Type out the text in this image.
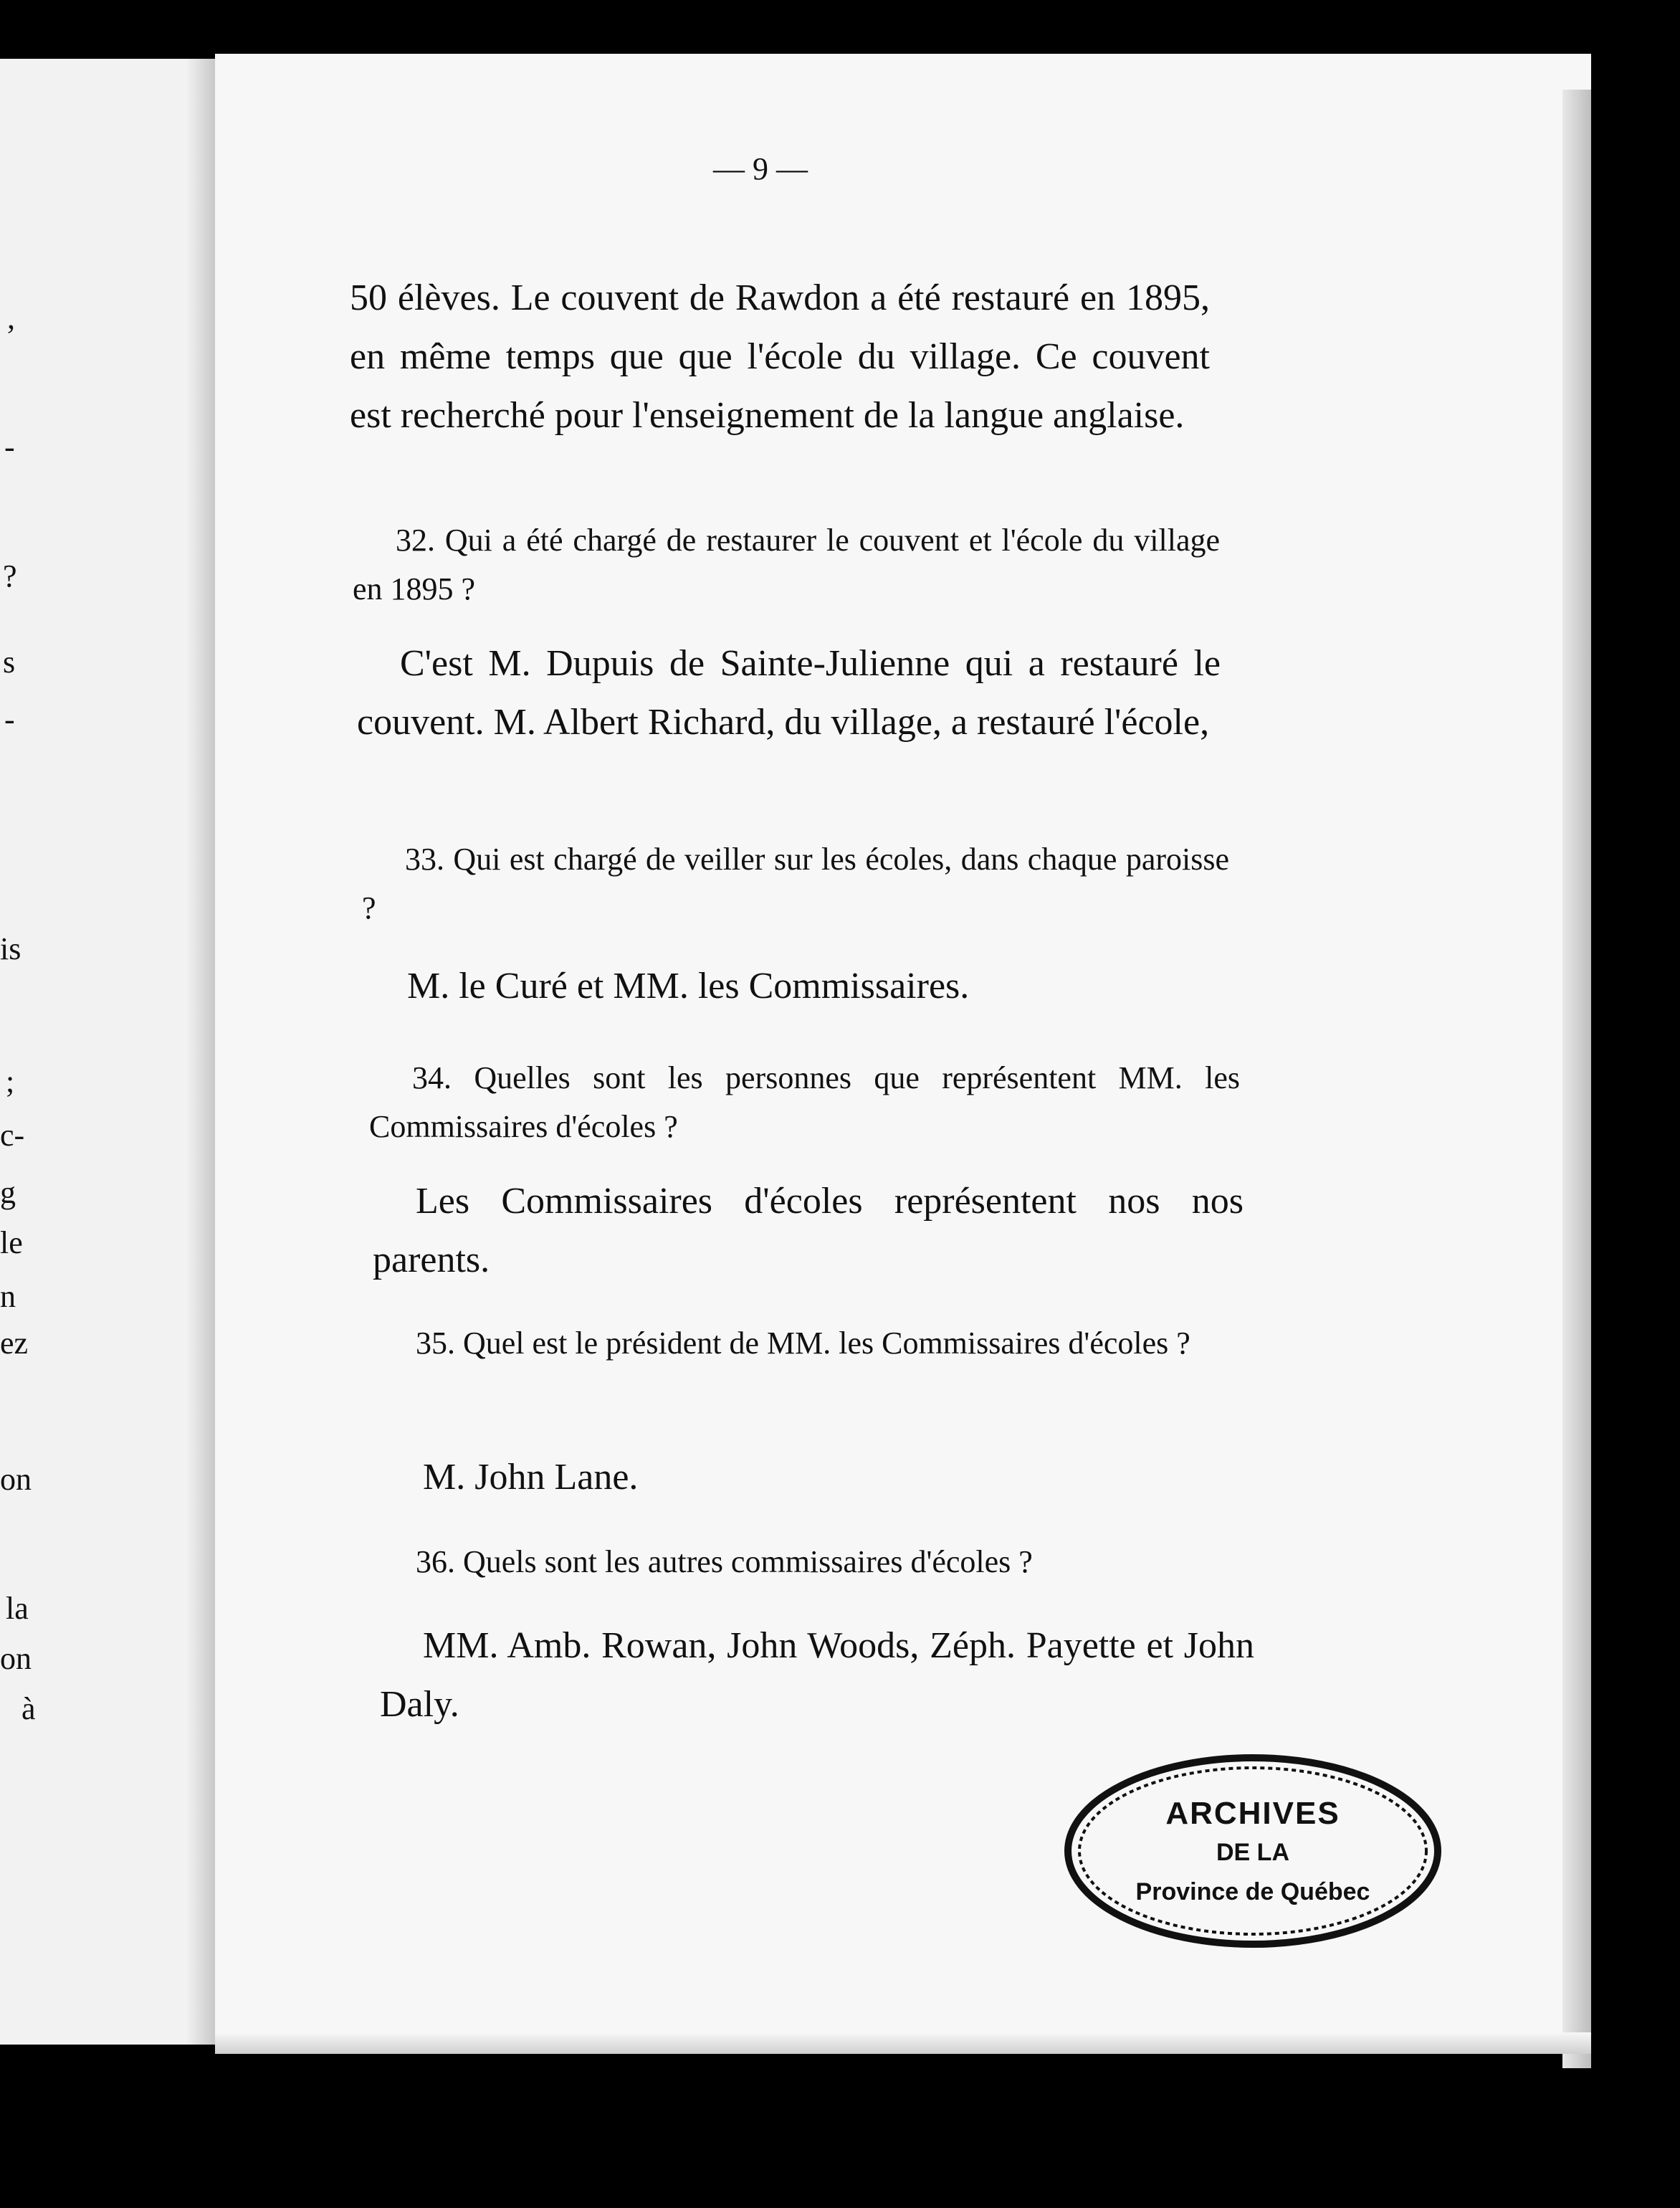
,
-
?
s
-
is
;
c-
g
le
n
ez
on
la
on
à
— 9 —

50 élèves. Le couvent de Rawdon a été restauré en 1895, en même temps que que l'école du village. Ce couvent est recherché pour l'enseignement de la langue anglaise.

32. Qui a été chargé de restaurer le couvent et l'école du village en 1895 ?

C'est M. Dupuis de Sainte-Julienne qui a restauré le couvent. M. Albert Richard, du village, a restauré l'école,

33. Qui est chargé de veiller sur les écoles, dans chaque paroisse ?

M. le Curé et MM. les Commissaires.

34. Quelles sont les personnes que représentent MM. les Commissaires d'écoles ?

Les Commissaires d'écoles représentent nos nos parents.

35. Quel est le président de MM. les Commissaires d'écoles ?

M. John Lane.

36. Quels sont les autres commissaires d'écoles ?

MM. Amb. Rowan, John Woods, Zéph. Payette et John Daly.

ARCHIVES
DE LA
Province de Québec
